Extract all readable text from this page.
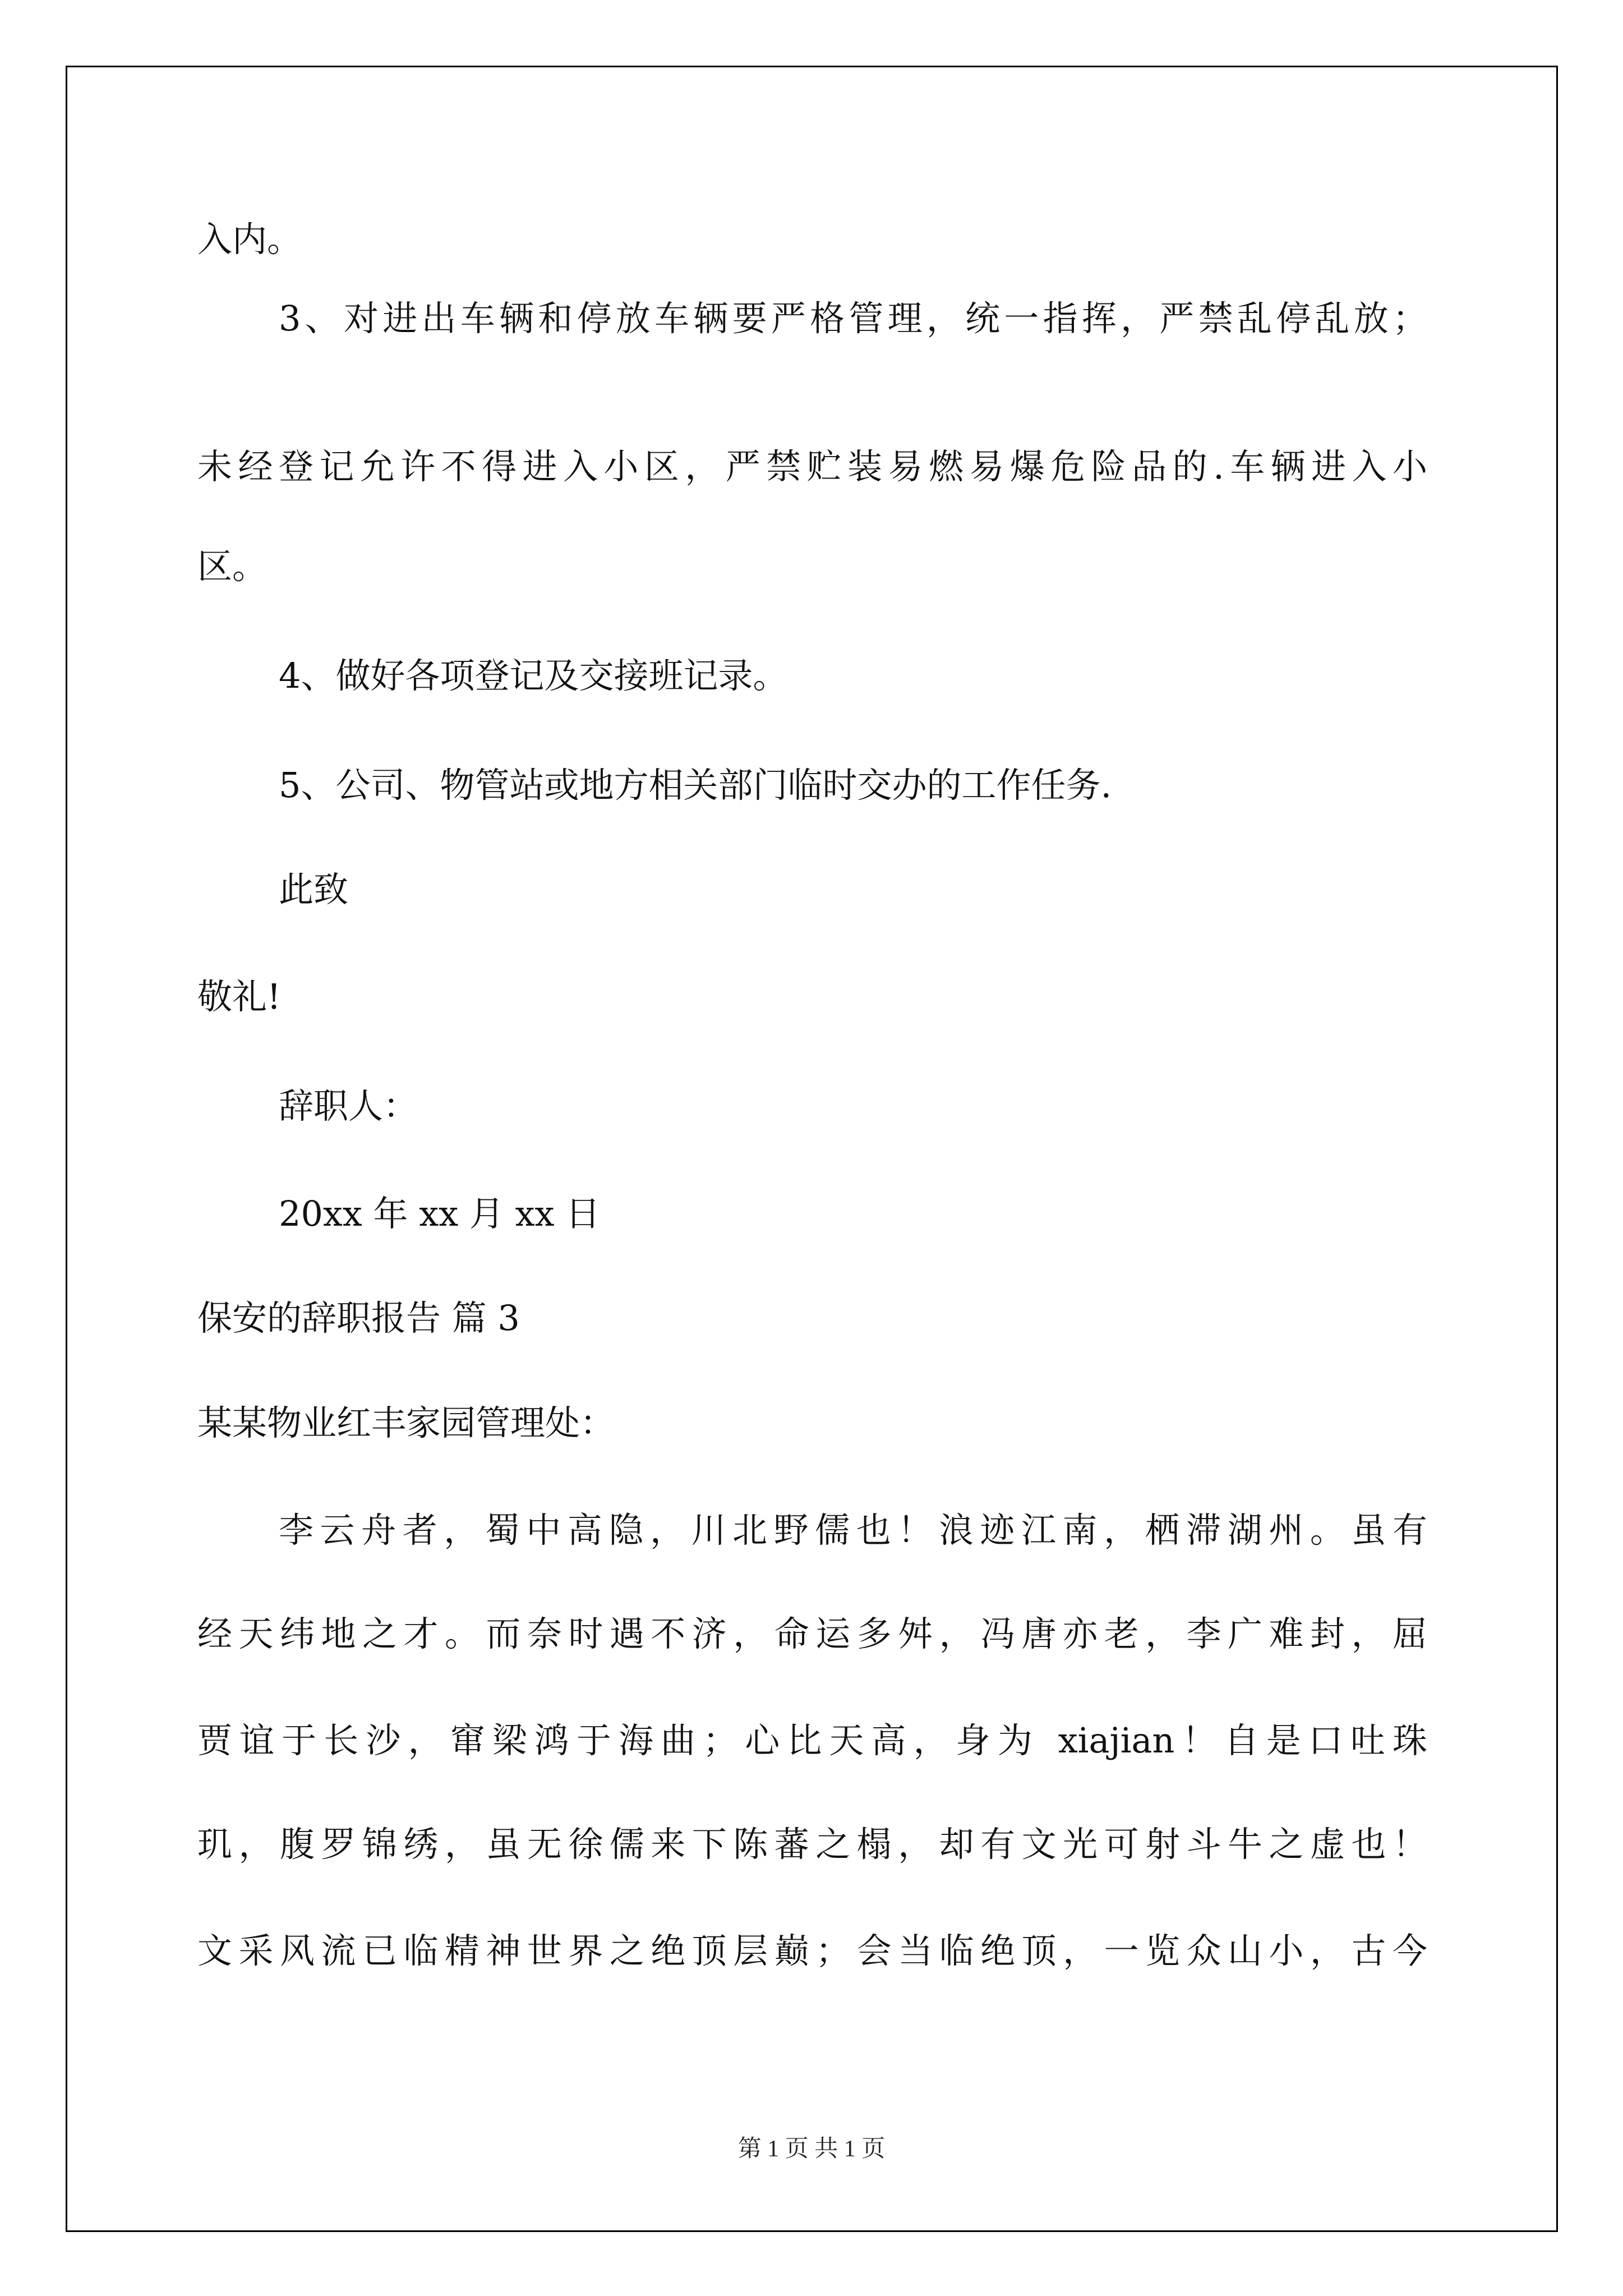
入内。

3、对进出车辆和停放车辆要严格管理，统一指挥，严禁乱停乱放；

未经登记允许不得进入小区，严禁贮装易燃易爆危险品的.车辆进入小

区。

4、做好各项登记及交接班记录。

5、公司、物管站或地方相关部门临时交办的工作任务.

此致

敬礼!

辞职人：

20xx 年 xx 月 xx 日

保安的辞职报告 篇 3

某某物业红丰家园管理处：

李云舟者，蜀中高隐，川北野儒也！浪迹江南，栖滞湖州。虽有

经天纬地之才。而奈时遇不济，命运多舛，冯唐亦老，李广难封，屈

贾谊于长沙，窜梁鸿于海曲；心比天高，身为 xiajian！自是口吐珠

玑，腹罗锦绣，虽无徐儒来下陈蕃之榻，却有文光可射斗牛之虚也！

文采风流已临精神世界之绝顶层巅；会当临绝顶，一览众山小，古今

第 1 页 共 1 页
